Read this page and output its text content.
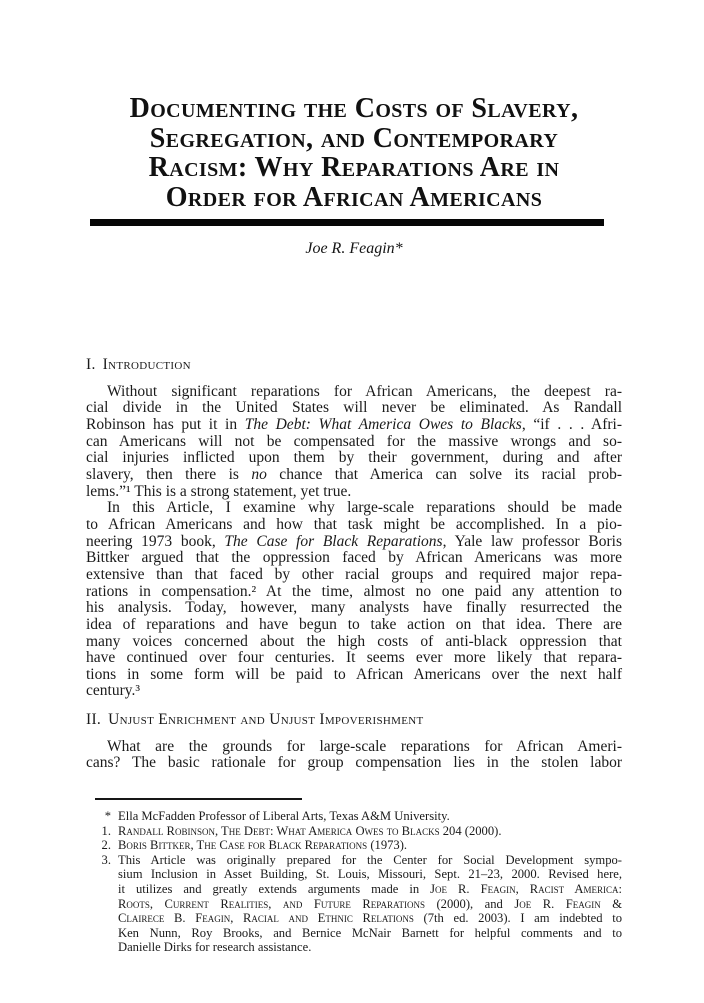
Documenting the Costs of Slavery,
Segregation, and Contemporary
Racism: Why Reparations Are in
Order for African Americans
Joe R. Feagin*
I. Introduction
Without significant reparations for African Americans, the deepest ra-
cial divide in the United States will never be eliminated. As Randall
Robinson has put it in The Debt: What America Owes to Blacks, “if . . . Afri-
can Americans will not be compensated for the massive wrongs and so-
cial injuries inflicted upon them by their government, during and after
slavery, then there is no chance that America can solve its racial prob-
lems.”¹ This is a strong statement, yet true.
In this Article, I examine why large-scale reparations should be made
to African Americans and how that task might be accomplished. In a pio-
neering 1973 book, The Case for Black Reparations, Yale law professor Boris
Bittker argued that the oppression faced by African Americans was more
extensive than that faced by other racial groups and required major repa-
rations in compensation.² At the time, almost no one paid any attention to
his analysis. Today, however, many analysts have finally resurrected the
idea of reparations and have begun to take action on that idea. There are
many voices concerned about the high costs of anti-black oppression that
have continued over four centuries. It seems ever more likely that repara-
tions in some form will be paid to African Americans over the next half
century.³
II. Unjust Enrichment and Unjust Impoverishment
What are the grounds for large-scale reparations for African Ameri-
cans? The basic rationale for group compensation lies in the stolen labor
* Ella McFadden Professor of Liberal Arts, Texas A&M University.
1. Randall Robinson, The Debt: What America Owes to Blacks 204 (2000).
2. Boris Bittker, The Case for Black Reparations (1973).
3. This Article was originally prepared for the Center for Social Development sympo-
sium Inclusion in Asset Building, St. Louis, Missouri, Sept. 21–23, 2000. Revised here,
it utilizes and greatly extends arguments made in Joe R. Feagin, Racist America:
Roots, Current Realities, and Future Reparations (2000), and Joe R. Feagin &
Clairece B. Feagin, Racial and Ethnic Relations (7th ed. 2003). I am indebted to
Ken Nunn, Roy Brooks, and Bernice McNair Barnett for helpful comments and to
Danielle Dirks for research assistance.
